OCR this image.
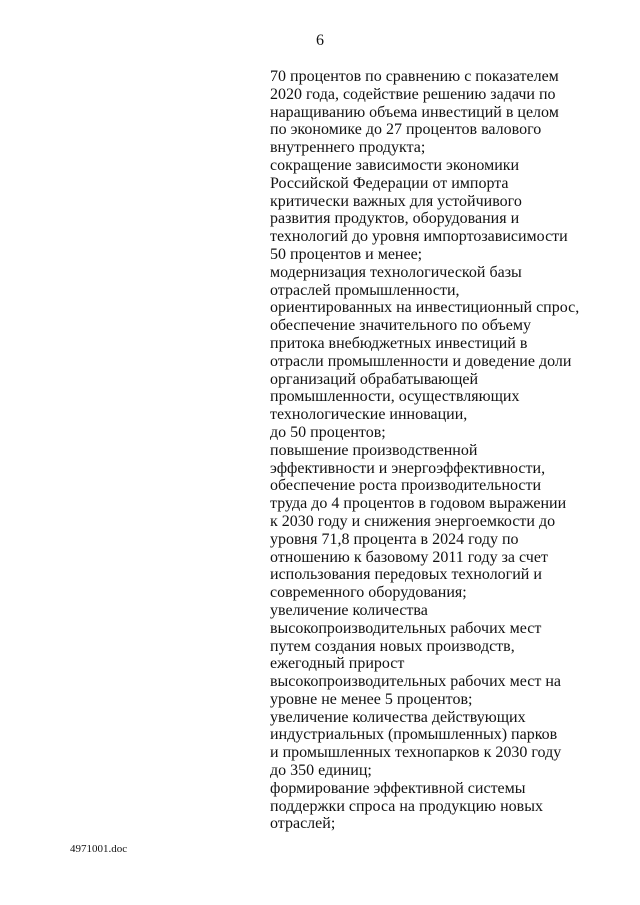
6
70 процентов по сравнению с показателем
2020 года, содействие решению задачи по
наращиванию объема инвестиций в целом
по экономике до 27 процентов валового
внутреннего продукта;
сокращение зависимости экономики
Российской Федерации от импорта
критически важных для устойчивого
развития продуктов, оборудования и
технологий до уровня импортозависимости
50 процентов и менее;
модернизация технологической базы
отраслей промышленности,
ориентированных на инвестиционный спрос,
обеспечение значительного по объему
притока внебюджетных инвестиций в
отрасли промышленности и доведение доли
организаций обрабатывающей
промышленности, осуществляющих
технологические инновации,
до 50 процентов;
повышение производственной
эффективности и энергоэффективности,
обеспечение роста производительности
труда до 4 процентов в годовом выражении
к 2030 году и снижения энергоемкости до
уровня 71,8 процента в 2024 году по
отношению к базовому 2011 году за счет
использования передовых технологий и
современного оборудования;
увеличение количества
высокопроизводительных рабочих мест
путем создания новых производств,
ежегодный прирост
высокопроизводительных рабочих мест на
уровне не менее 5 процентов;
увеличение количества действующих
индустриальных (промышленных) парков
и промышленных технопарков к 2030 году
до 350 единиц;
формирование эффективной системы
поддержки спроса на продукцию новых
отраслей;
4971001.doc
